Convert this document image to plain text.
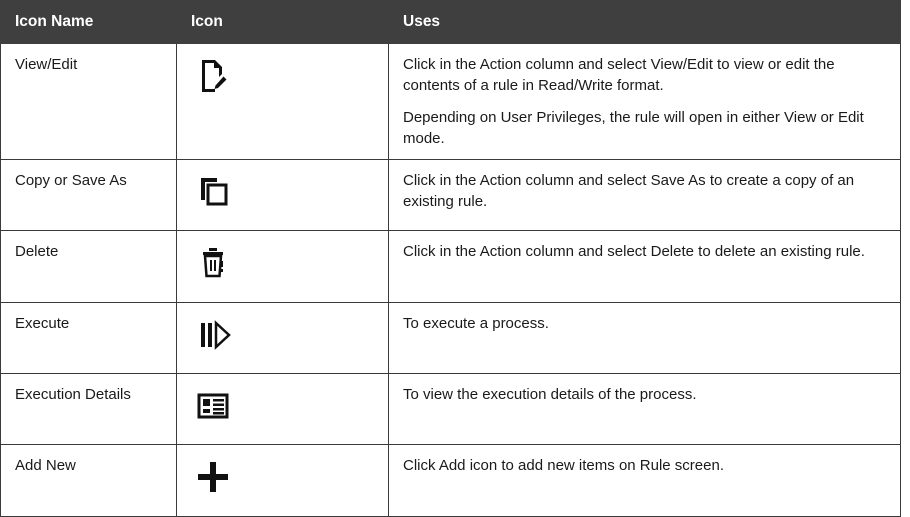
Icon Name	Icon	Uses
View/Edit		Click in the Action column and select View/Edit to view or edit the contents of a rule in Read/Write format.

Depending on User Privileges, the rule will open in either View or Edit mode.

Copy or Save As		Click in the Action column and select Save As to create a copy of an existing rule.

Delete		Click in the Action column and select Delete to delete an existing rule.

Execute		To execute a process.

Execution Details		To view the execution details of the process.

Add New		Click Add icon to add new items on Rule screen.
